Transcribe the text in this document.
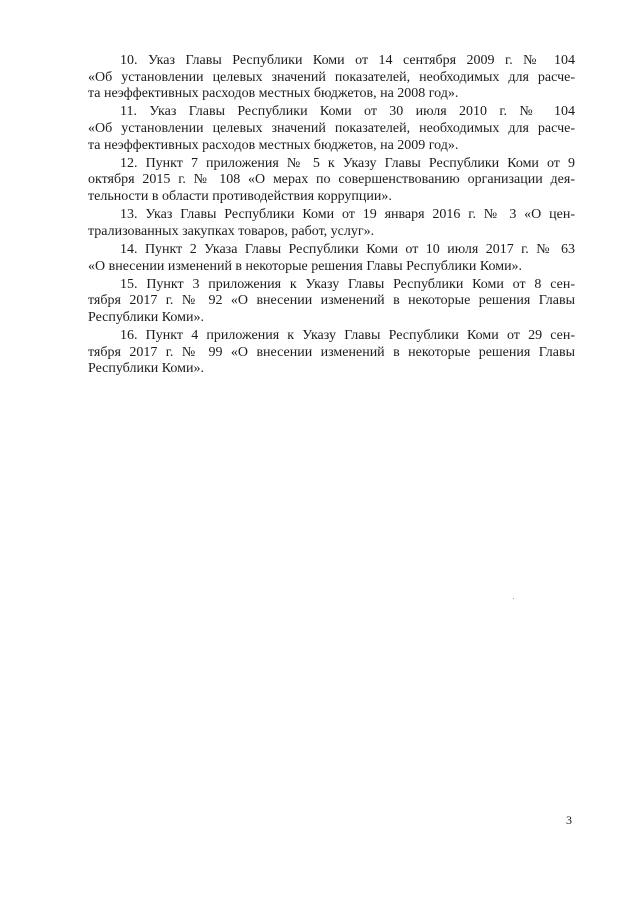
10. Указ Главы Республики Коми от 14 сентября 2009 г. № 104
«Об установлении целевых значений показателей, необходимых для расче-
та неэффективных расходов местных бюджетов, на 2008 год».
11. Указ Главы Республики Коми от 30 июля 2010 г. № 104
«Об установлении целевых значений показателей, необходимых для расче-
та неэффективных расходов местных бюджетов, на 2009 год».
12. Пункт 7 приложения № 5 к Указу Главы Республики Коми от 9
октября 2015 г. № 108 «О мерах по совершенствованию организации дея-
тельности в области противодействия коррупции».
13. Указ Главы Республики Коми от 19 января 2016 г. № 3 «О цен-
трализованных закупках товаров, работ, услуг».
14. Пункт 2 Указа Главы Республики Коми от 10 июля 2017 г. № 63
«О внесении изменений в некоторые решения Главы Республики Коми».
15. Пункт 3 приложения к Указу Главы Республики Коми от 8 сен-
тября 2017 г. № 92 «О внесении изменений в некоторые решения Главы
Республики Коми».
16. Пункт 4 приложения к Указу Главы Республики Коми от 29 сен-
тября 2017 г. № 99 «О внесении изменений в некоторые решения Главы
Республики Коми».
3
